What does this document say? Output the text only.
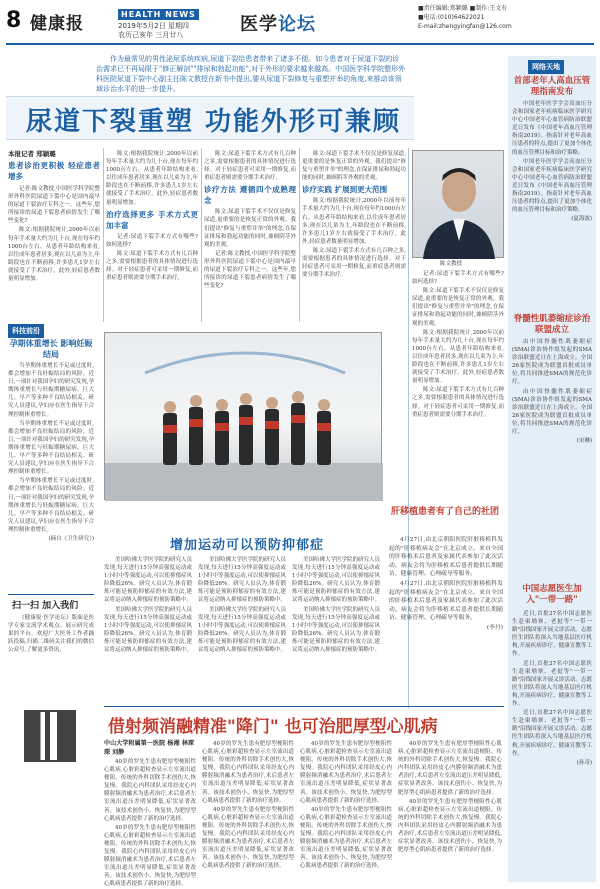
8 健康报	HEALTH NEWS
2019年5月2日 星期四
农历己亥年 三月廿八	医学论坛
■责任编辑:郑颖璐 ■制作:王文有
■电话:(010)64622021
E-mail:zhengyingfan@126.com
作为最常见的男性泌尿系统疾病,尿道下裂给患者带来了诸多不便。如今患者对于尿道下裂的诊治需求已不再局限于"修正解剖""排尿和勃起功能",对于外形的要求越来越高。中国医学科学院整形外科医院尿道下裂中心副主任陈文教授在新书中提出,要从尿道下裂修复与重塑并举的角度,来推动该领域诊治水平的进一步提升。
尿道下裂重塑 功能外形可兼顾
陈文教授
本报记者 郑颖璐
患者诊治更积极 轻症患者增多

记者:陈文教授,中国医学科学院整形外科医院尿道下裂中心是国内最早的尿道下裂治疗专科之一。这些年,您所接诊的尿道下裂患者病情发生了哪些变化?

陈文:根据我院统计,2000年以前每年手术量大约为几十台,现在每年约1000台左右。从患者年龄结构来看,以往成年患者居多,现在以儿童为主,年龄段也在不断前移,许多患儿1岁左右就接受了手术治疗。此外,轻症患者数量明显增加。

陈文:根据我院统计,2000年以前每年手术量大约为几十台,现在每年约1000台左右。从患者年龄结构来看,以往成年患者居多,现在以儿童为主,年龄段也在不断前移,许多患儿1岁左右就接受了手术治疗。此外,轻症患者数量明显增加。

治疗选择更多 手术方式更加丰富

记者:尿道下裂手术方式有哪些?如何选择?

陈文:尿道下裂手术方式有几百种之多,需要根据患者的具体情况进行选择。对于轻症患者可采用一期修复,而重症患者则需要分期手术治疗。

陈文:尿道下裂手术方式有几百种之多,需要根据患者的具体情况进行选择。对于轻症患者可采用一期修复,而重症患者则需要分期手术治疗。

诊疗方法 遵循四个成熟理念

陈文:尿道下裂手术不仅仅是修复尿道,更重要的是恢复正常的外观。我们提出"修复与重塑并举"的理念,在保证排尿和勃起功能的同时,兼顾阴茎外观的美观。

记者:陈文教授,中国医学科学院整形外科医院尿道下裂中心是国内最早的尿道下裂治疗专科之一。这些年,您所接诊的尿道下裂患者病情发生了哪些变化?

陈文:尿道下裂手术不仅仅是修复尿道,更重要的是恢复正常的外观。我们提出"修复与重塑并举"的理念,在保证排尿和勃起功能的同时,兼顾阴茎外观的美观。

诊疗实践 扩展到更大范围

陈文:根据我院统计,2000年以前每年手术量大约为几十台,现在每年约1000台左右。从患者年龄结构来看,以往成年患者居多,现在以儿童为主,年龄段也在不断前移,许多患儿1岁左右就接受了手术治疗。此外,轻症患者数量明显增加。

陈文:尿道下裂手术方式有几百种之多,需要根据患者的具体情况进行选择。对于轻症患者可采用一期修复,而重症患者则需要分期手术治疗。	记者:尿道下裂手术方式有哪些?如何选择?

陈文:尿道下裂手术不仅仅是修复尿道,更重要的是恢复正常的外观。我们提出"修复与重塑并举"的理念,在保证排尿和勃起功能的同时,兼顾阴茎外观的美观。

陈文:根据我院统计,2000年以前每年手术量大约为几十台,现在每年约1000台左右。从患者年龄结构来看,以往成年患者居多,现在以儿童为主,年龄段也在不断前移,许多患儿1岁左右就接受了手术治疗。此外,轻症患者数量明显增加。

陈文:尿道下裂手术方式有几百种之多,需要根据患者的具体情况进行选择。对于轻症患者可采用一期修复,而重症患者则需要分期手术治疗。

科技前沿
孕期体重增长 影响妊娠结局

当孕期体重增长不足或过度时,都会增加不良妊娠结局的风险。近日,一项针对我国孕妇的研究发现,孕期体重增长与妊娠期糖尿病、巨大儿、早产等多种不良结局相关。研究人员建议,孕妇应在医生指导下合理控制体重增长。

当孕期体重增长不足或过度时,都会增加不良妊娠结局的风险。近日,一项针对我国孕妇的研究发现,孕期体重增长与妊娠期糖尿病、巨大儿、早产等多种不良结局相关。研究人员建议,孕妇应在医生指导下合理控制体重增长。

当孕期体重增长不足或过度时,都会增加不良妊娠结局的风险。近日,一项针对我国孕妇的研究发现,孕期体重增长与妊娠期糖尿病、巨大儿、早产等多种不良结局相关。研究人员建议,孕妇应在医生指导下合理控制体重增长。

(摘自《卫生研究》)

扫一扫 加入我们

《健康报·医学论坛》版面是医学专家交流学术观点、展示研究成果的平台。欢迎广大医务工作者踊跃投稿,扫描二维码关注我们的微信公众号,了解更多资讯。

肝移植患者有了自己的社团

4月27日,由北京朝阳医院肝脏移植科发起的"肝移植病友会"在北京成立。来自全国的肝移植术后患者及家属代表参加了此次活动。病友会将为肝移植术后患者提供长期随访、健康管理、心理疏导等服务。

4月27日,由北京朝阳医院肝脏移植科发起的"肝移植病友会"在北京成立。来自全国的肝移植术后患者及家属代表参加了此次活动。病友会将为肝移植术后患者提供长期随访、健康管理、心理疏导等服务。

(李丹)

增加运动可以预防抑郁症

美国哈佛大学医学院的研究人员发现,每天进行15分钟高强度运动或1小时中等强度运动,可以使抑郁症风险降低26%。研究人员认为,体育锻炼可能是预防抑郁症的有效方法,建议将运动纳入抑郁症的预防策略中。

美国哈佛大学医学院的研究人员发现,每天进行15分钟高强度运动或1小时中等强度运动,可以使抑郁症风险降低26%。研究人员认为,体育锻炼可能是预防抑郁症的有效方法,建议将运动纳入抑郁症的预防策略中。

美国哈佛大学医学院的研究人员发现,每天进行15分钟高强度运动或1小时中等强度运动,可以使抑郁症风险降低26%。研究人员认为,体育锻炼可能是预防抑郁症的有效方法,建议将运动纳入抑郁症的预防策略中。

美国哈佛大学医学院的研究人员发现,每天进行15分钟高强度运动或1小时中等强度运动,可以使抑郁症风险降低26%。研究人员认为,体育锻炼可能是预防抑郁症的有效方法,建议将运动纳入抑郁症的预防策略中。

美国哈佛大学医学院的研究人员发现,每天进行15分钟高强度运动或1小时中等强度运动,可以使抑郁症风险降低26%。研究人员认为,体育锻炼可能是预防抑郁症的有效方法,建议将运动纳入抑郁症的预防策略中。

美国哈佛大学医学院的研究人员发现,每天进行15分钟高强度运动或1小时中等强度运动,可以使抑郁症风险降低26%。研究人员认为,体育锻炼可能是预防抑郁症的有效方法,建议将运动纳入抑郁症的预防策略中。

借射频消融精准"降门" 也可治肥厚型心肌病
中山大学附属第一医院 杨湘 林琛琛 刘静

40岁的罗先生患有肥厚型梗阻性心肌病,心脏彩超检查显示左室流出道梗阻。传统的外科切除手术创伤大,恢复慢。我院心内科团队采用经皮心内膜射频消融术为患者治疗,术后患者左室流出道压差明显降低,症状显著改善。该技术创伤小、恢复快,为肥厚型心肌病患者提供了新的治疗选择。

40岁的罗先生患有肥厚型梗阻性心肌病,心脏彩超检查显示左室流出道梗阻。传统的外科切除手术创伤大,恢复慢。我院心内科团队采用经皮心内膜射频消融术为患者治疗,术后患者左室流出道压差明显降低,症状显著改善。该技术创伤小、恢复快,为肥厚型心肌病患者提供了新的治疗选择。

40岁的罗先生患有肥厚型梗阻性心肌病,心脏彩超检查显示左室流出道梗阻。传统的外科切除手术创伤大,恢复慢。我院心内科团队采用经皮心内膜射频消融术为患者治疗,术后患者左室流出道压差明显降低,症状显著改善。该技术创伤小、恢复快,为肥厚型心肌病患者提供了新的治疗选择。

40岁的罗先生患有肥厚型梗阻性心肌病,心脏彩超检查显示左室流出道梗阻。传统的外科切除手术创伤大,恢复慢。我院心内科团队采用经皮心内膜射频消融术为患者治疗,术后患者左室流出道压差明显降低,症状显著改善。该技术创伤小、恢复快,为肥厚型心肌病患者提供了新的治疗选择。

40岁的罗先生患有肥厚型梗阻性心肌病,心脏彩超检查显示左室流出道梗阻。传统的外科切除手术创伤大,恢复慢。我院心内科团队采用经皮心内膜射频消融术为患者治疗,术后患者左室流出道压差明显降低,症状显著改善。该技术创伤小、恢复快,为肥厚型心肌病患者提供了新的治疗选择。

40岁的罗先生患有肥厚型梗阻性心肌病,心脏彩超检查显示左室流出道梗阻。传统的外科切除手术创伤大,恢复慢。我院心内科团队采用经皮心内膜射频消融术为患者治疗,术后患者左室流出道压差明显降低,症状显著改善。该技术创伤小、恢复快,为肥厚型心肌病患者提供了新的治疗选择。

40岁的罗先生患有肥厚型梗阻性心肌病,心脏彩超检查显示左室流出道梗阻。传统的外科切除手术创伤大,恢复慢。我院心内科团队采用经皮心内膜射频消融术为患者治疗,术后患者左室流出道压差明显降低,症状显著改善。该技术创伤小、恢复快,为肥厚型心肌病患者提供了新的治疗选择。

40岁的罗先生患有肥厚型梗阻性心肌病,心脏彩超检查显示左室流出道梗阻。传统的外科切除手术创伤大,恢复慢。我院心内科团队采用经皮心内膜射频消融术为患者治疗,术后患者左室流出道压差明显降低,症状显著改善。该技术创伤小、恢复快,为肥厚型心肌病患者提供了新的治疗选择。

网络天地
首部老年人高血压管理指南发布

中国老年医学学会高血压分会和国家老年疾病临床医学研究中心中国老年心血管病防治联盟近日发布《中国老年高血压管理指南2019》。指南针对老年高血压患者的特点,提出了更加个体化的血压管理目标和治疗策略。

中国老年医学学会高血压分会和国家老年疾病临床医学研究中心中国老年心血管病防治联盟近日发布《中国老年高血压管理指南2019》。指南针对老年高血压患者的特点,提出了更加个体化的血压管理目标和治疗策略。

(夏海波)

脊髓性肌萎缩症诊治联盟成立

由中国脊髓性肌萎缩症(SMA)诊治协作组发起的SMA诊治联盟近日在上海成立。全国26家医院成为联盟首批成员单位,将共同推进SMA的规范化诊疗。

由中国脊髓性肌萎缩症(SMA)诊治协作组发起的SMA诊治联盟近日在上海成立。全国26家医院成为联盟首批成员单位,将共同推进SMA的规范化诊疗。

(宋琳)

中国志愿医生加入"一带一路"

近日,首批27名中国志愿医生赴柬埔寨、老挝等"一带一路"沿线国家开展义诊活动。志愿医生团队将深入当地基层医疗机构,开展疾病诊疗、健康宣教等工作。

近日,首批27名中国志愿医生赴柬埔寨、老挝等"一带一路"沿线国家开展义诊活动。志愿医生团队将深入当地基层医疗机构,开展疾病诊疗、健康宣教等工作。

近日,首批27名中国志愿医生赴柬埔寨、老挝等"一带一路"沿线国家开展义诊活动。志愿医生团队将深入当地基层医疗机构,开展疾病诊疗、健康宣教等工作。

(孙奇)
